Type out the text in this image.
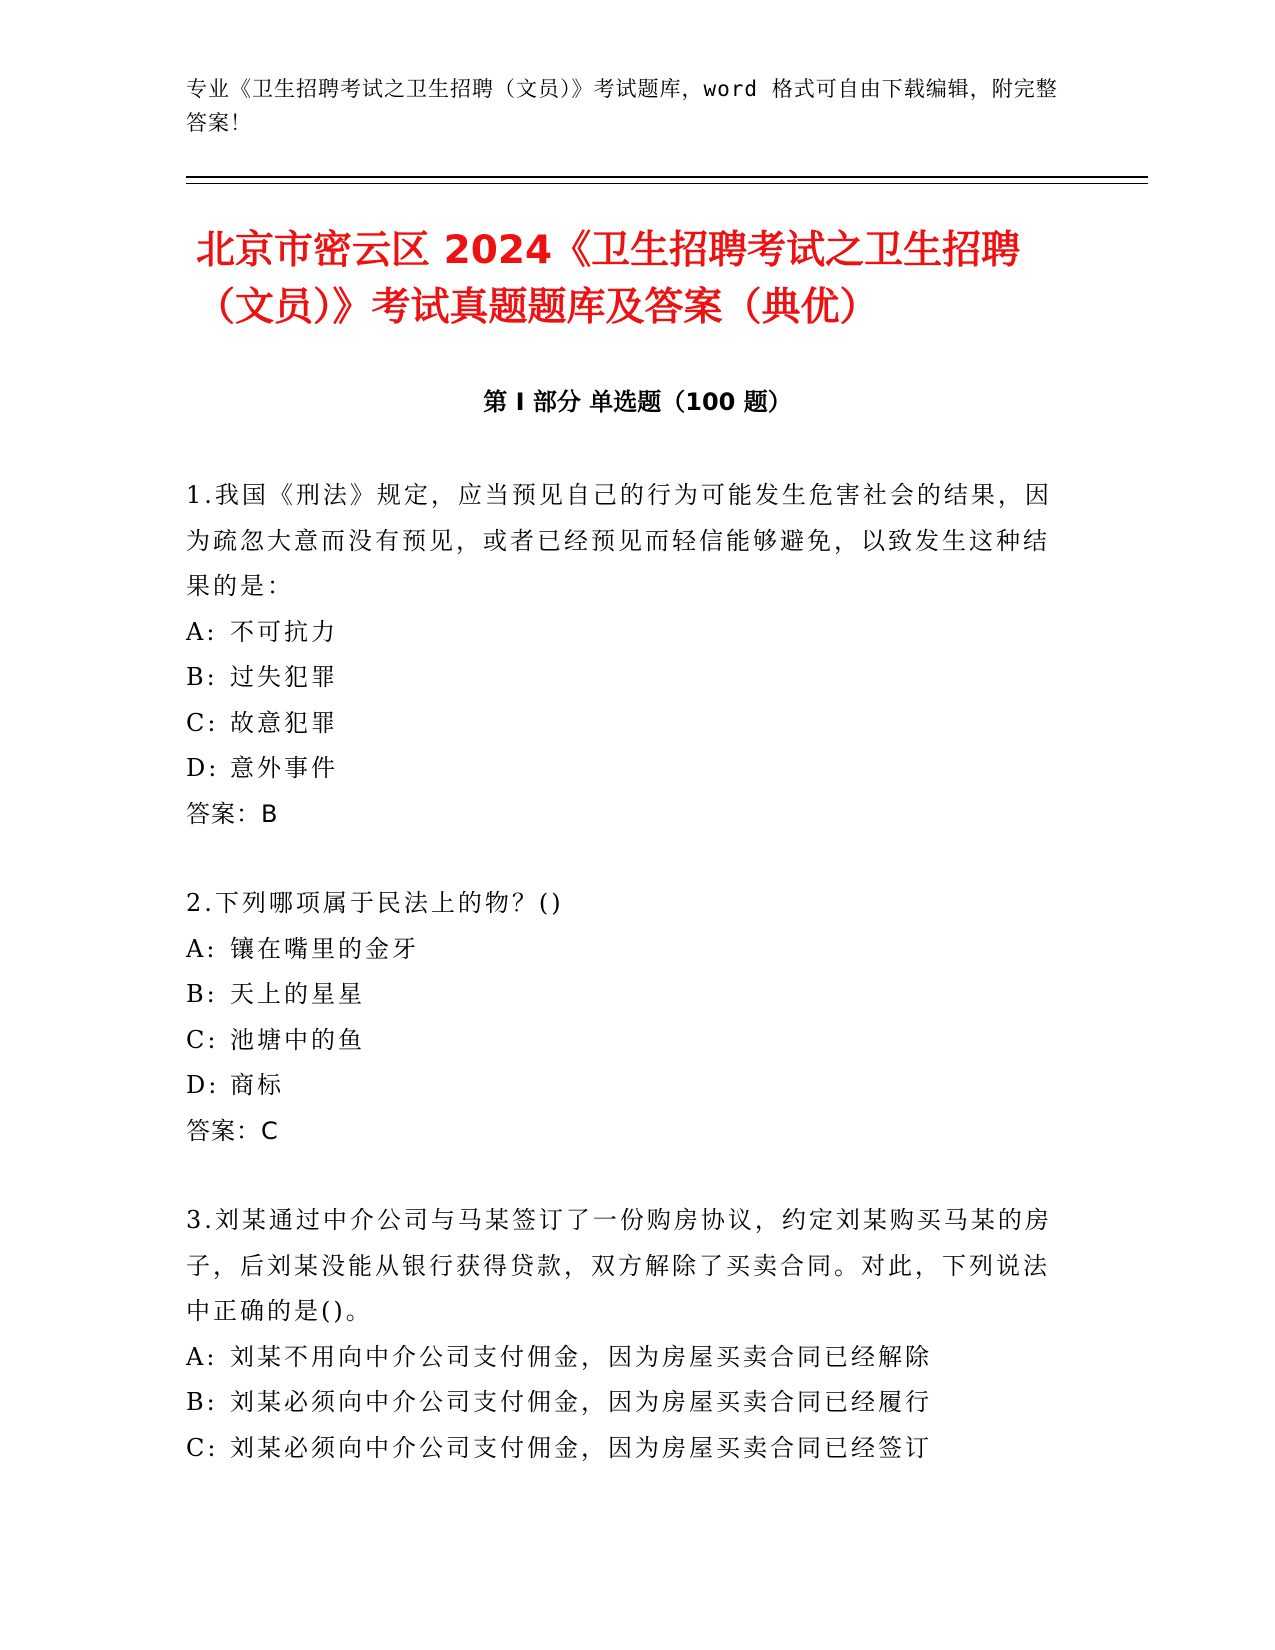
专业《卫生招聘考试之卫生招聘（文员）》考试题库，word 格式可自由下载编辑，附完整答案！

北京市密云区 2024《卫生招聘考试之卫生招聘（文员）》考试真题题库及答案（典优）
第 I 部分 单选题（100 题）

1.我国《刑法》规定，应当预见自己的行为可能发生危害社会的结果，因为疏忽大意而没有预见，或者已经预见而轻信能够避免，以致发生这种结果的是：

A: 不可抗力

B: 过失犯罪

C: 故意犯罪

D: 意外事件

答案：B

2.下列哪项属于民法上的物？()

A: 镶在嘴里的金牙

B: 天上的星星

C: 池塘中的鱼

D: 商标

答案：C

3.刘某通过中介公司与马某签订了一份购房协议，约定刘某购买马某的房子，后刘某没能从银行获得贷款，双方解除了买卖合同。对此，下列说法中正确的是()。

A: 刘某不用向中介公司支付佣金，因为房屋买卖合同已经解除

B: 刘某必须向中介公司支付佣金，因为房屋买卖合同已经履行

C: 刘某必须向中介公司支付佣金，因为房屋买卖合同已经签订
